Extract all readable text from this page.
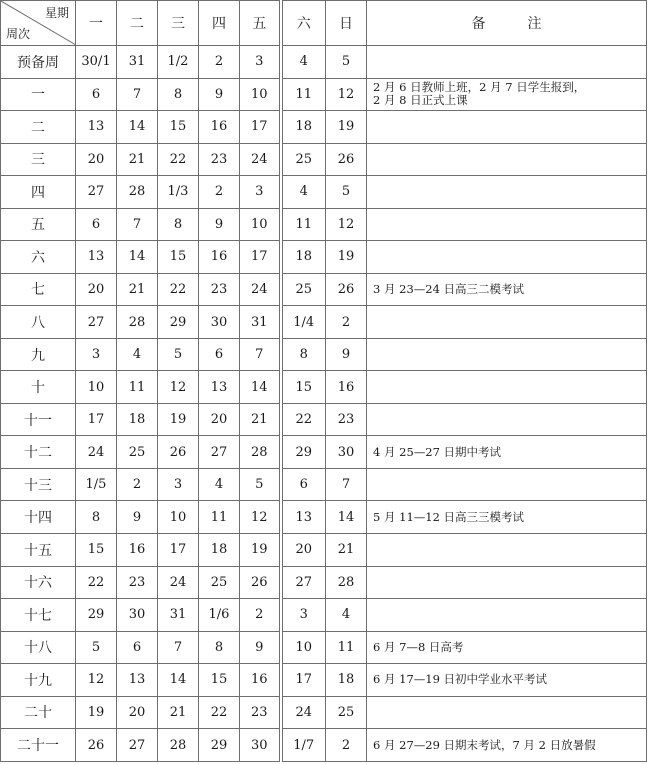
星期
周次	一	二	三	四	五	六	日	备 注
预备周	30/1	31	1/2	2	3	4	5	
一	6	7	8	9	10	11	12	2 月 6 日教师上班，2 月 7 日学生报到，
2 月 8 日正式上课
二	13	14	15	16	17	18	19	
三	20	21	22	23	24	25	26	
四	27	28	1/3	2	3	4	5	
五	6	7	8	9	10	11	12	
六	13	14	15	16	17	18	19	
七	20	21	22	23	24	25	26	3 月 23—24 日高三二模考试
八	27	28	29	30	31	1/4	2	
九	3	4	5	6	7	8	9	
十	10	11	12	13	14	15	16	
十一	17	18	19	20	21	22	23	
十二	24	25	26	27	28	29	30	4 月 25—27 日期中考试
十三	1/5	2	3	4	5	6	7	
十四	8	9	10	11	12	13	14	5 月 11—12 日高三三模考试
十五	15	16	17	18	19	20	21	
十六	22	23	24	25	26	27	28	
十七	29	30	31	1/6	2	3	4	
十八	5	6	7	8	9	10	11	6 月 7—8 日高考
十九	12	13	14	15	16	17	18	6 月 17—19 日初中学业水平考试
二十	19	20	21	22	23	24	25	
二十一	26	27	28	29	30	1/7	2	6 月 27—29 日期末考试，7 月 2 日放暑假
